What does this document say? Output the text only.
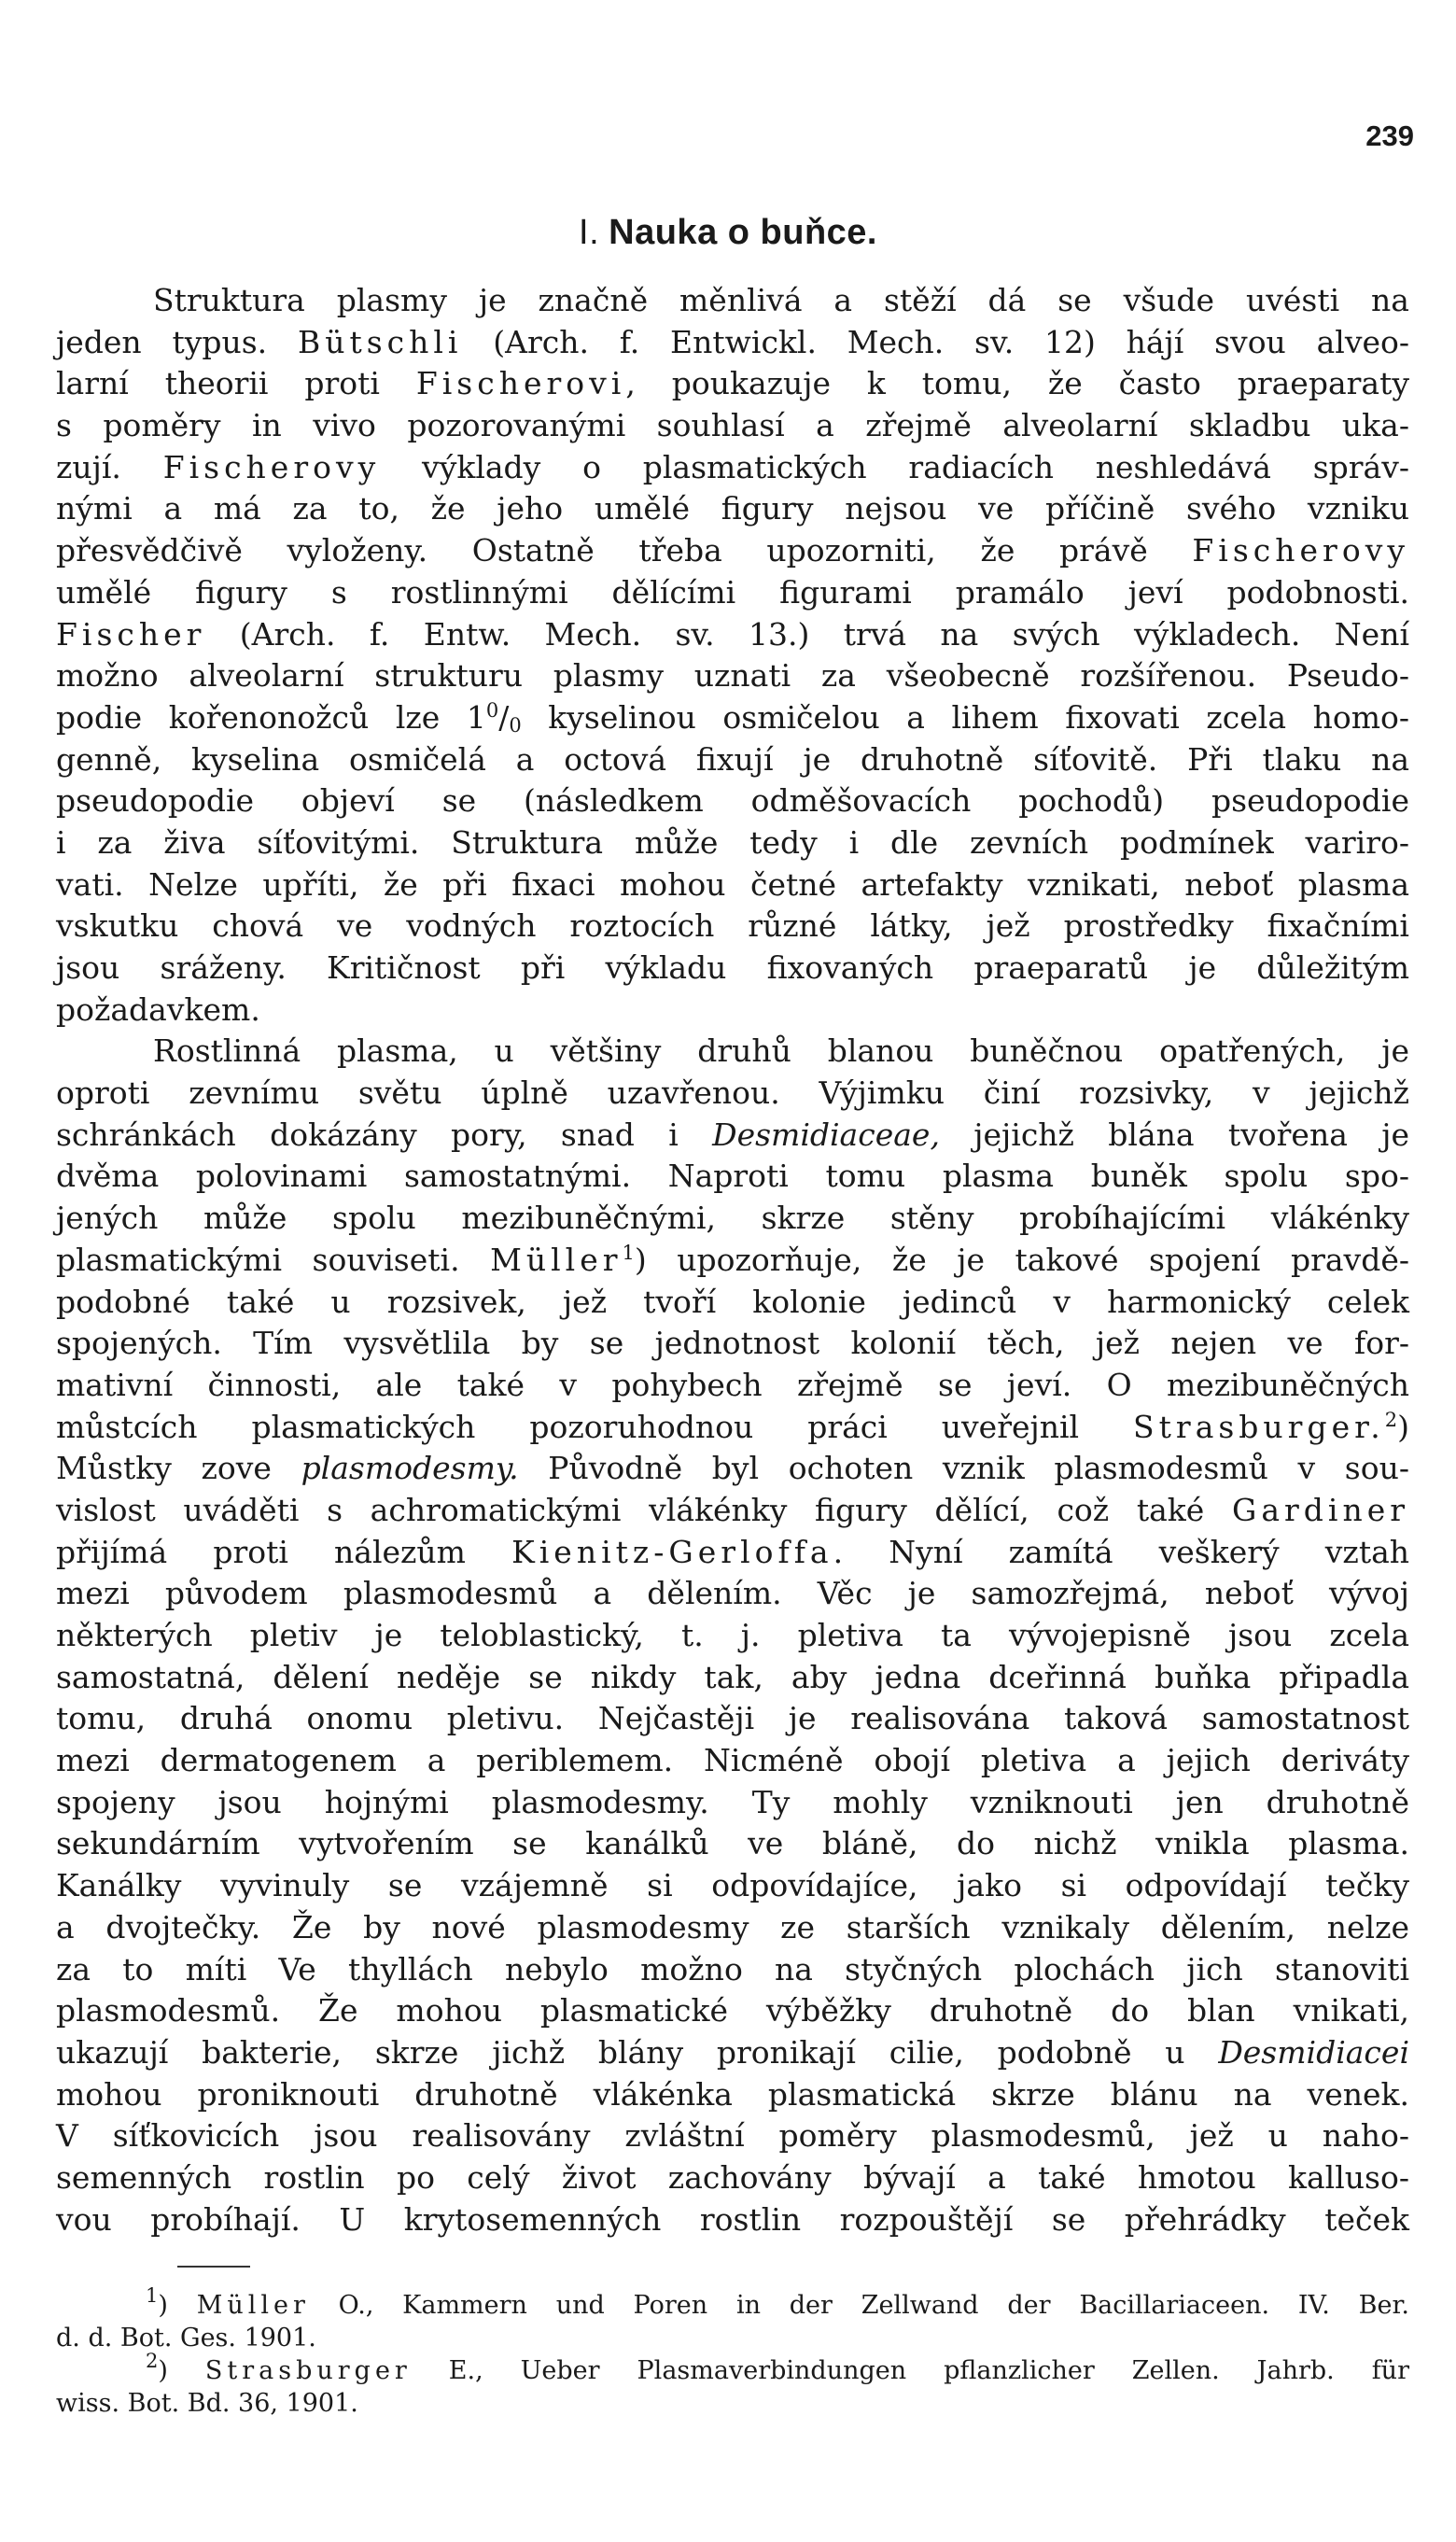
239
I. Nauka o buňce.
Struktura plasmy je značně měnlivá a stěží dá se všude uvésti na
jeden typus. Bütschli (Arch. f. Entwickl. Mech. sv. 12) hájí svou alveo-
larní theorii proti Fischerovi, poukazuje k tomu, že často praeparaty
s poměry in vivo pozorovanými souhlasí a zřejmě alveolarní skladbu uka-
zují. Fischerovy výklady o plasmatických radiacích neshledává správ-
nými a má za to, že jeho umělé figury nejsou ve příčině svého vzniku
přesvědčivě vyloženy. Ostatně třeba upozorniti, že právě Fischerovy
umělé figury s rostlinnými dělícími figurami pramálo jeví podobnosti.
Fischer (Arch. f. Entw. Mech. sv. 13.) trvá na svých výkladech. Není
možno alveolarní strukturu plasmy uznati za všeobecně rozšířenou. Pseudo-
podie kořenonožců lze $1^0/_0$ kyselinou osmičelou a lihem fixovati zcela homo-
genně, kyselina osmičelá a octová fixují je druhotně síťovitě. Při tlaku na
pseudopodie objeví se (následkem odměšovacích pochodů) pseudopodie
i za živa síťovitými. Struktura může tedy i dle zevních podmínek variro-
vati. Nelze upříti, že při fixaci mohou četné artefakty vznikati, neboť plasma
vskutku chová ve vodných roztocích různé látky, jež prostředky fixačními
jsou sráženy. Kritičnost při výkladu fixovaných praeparatů je důležitým
požadavkem.
Rostlinná plasma, u většiny druhů blanou buněčnou opatřených, je
oproti zevnímu světu úplně uzavřenou. Výjimku činí rozsivky, v jejichž
schránkách dokázány pory, snad i Desmidiaceae, jejichž blána tvořena je
dvěma polovinami samostatnými. Naproti tomu plasma buněk spolu spo-
jených může spolu mezibuněčnými, skrze stěny probíhajícími vlákénky
plasmatickými souviseti. Müller$^1$) upozorňuje, že je takové spojení pravdě-
podobné také u rozsivek, jež tvoří kolonie jedinců v harmonický celek
spojených. Tím vysvětlila by se jednotnost kolonií těch, jež nejen ve for-
mativní činnosti, ale také v pohybech zřejmě se jeví. O mezibuněčných
můstcích plasmatických pozoruhodnou práci uveřejnil Strasburger.$^2$)
Můstky zove plasmodesmy. Původně byl ochoten vznik plasmodesmů v sou-
vislost uváděti s achromatickými vlákénky figury dělící, což také Gardiner
přijímá proti nálezům Kienitz-Gerloffa. Nyní zamítá veškerý vztah
mezi původem plasmodesmů a dělením. Věc je samozřejmá, neboť vývoj
některých pletiv je teloblastický, t. j. pletiva ta vývojepisně jsou zcela
samostatná, dělení neděje se nikdy tak, aby jedna dceřinná buňka připadla
tomu, druhá onomu pletivu. Nejčastěji je realisována taková samostatnost
mezi dermatogenem a periblemem. Nicméně obojí pletiva a jejich deriváty
spojeny jsou hojnými plasmodesmy. Ty mohly vzniknouti jen druhotně
sekundárním vytvořením se kanálků ve bláně, do nichž vnikla plasma.
Kanálky vyvinuly se vzájemně si odpovídajíce, jako si odpovídají tečky
a dvojtečky. Že by nové plasmodesmy ze starších vznikaly dělením, nelze
za to míti Ve thyllách nebylo možno na styčných plochách jich stanoviti
plasmodesmů. Že mohou plasmatické výběžky druhotně do blan vnikati,
ukazují bakterie, skrze jichž blány pronikají cilie, podobně u Desmidiacei
mohou proniknouti druhotně vlákénka plasmatická skrze blánu na venek.
V síťkovicích jsou realisovány zvláštní poměry plasmodesmů, jež u naho-
semenných rostlin po celý život zachovány bývají a také hmotou kalluso-
vou probíhají. U krytosemenných rostlin rozpouštějí se přehrádky teček
$^1$) Müller O., Kammern und Poren in der Zellwand der Bacillariaceen. IV. Ber.
d. d. Bot. Ges. 1901.
$^2$) Strasburger E., Ueber Plasmaverbindungen pflanzlicher Zellen. Jahrb. für
wiss. Bot. Bd. 36, 1901.
